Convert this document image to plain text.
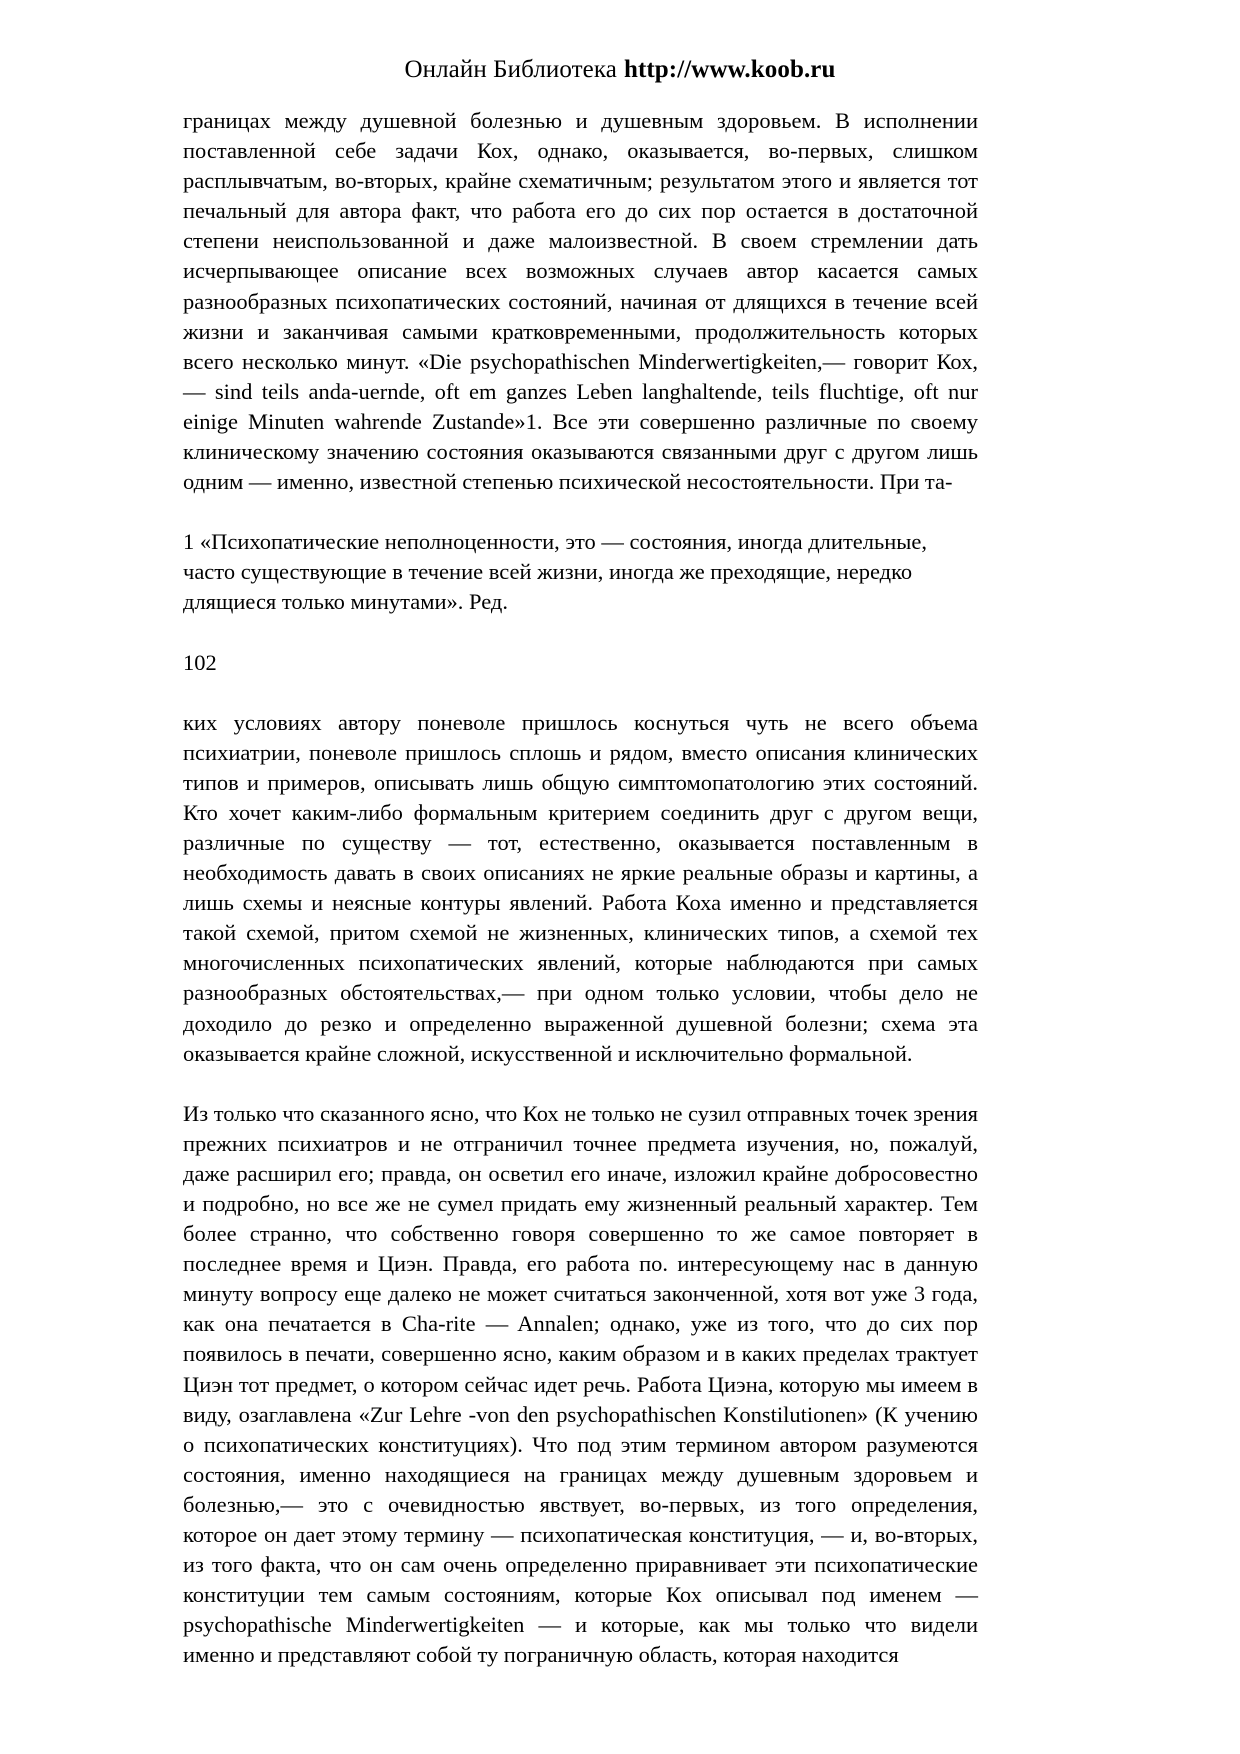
Онлайн Библиотека http://www.koob.ru

границах между душевной болезнью и душевным здоровьем. В исполнении поставленной себе задачи Кох, однако, оказывается, во-первых, слишком расплывчатым, во-вторых, крайне схематичным; результатом этого и является тот печальный для автора факт, что работа его до сих пор остается в достаточной степени неиспользованной и даже малоизвестной. В своем стремлении дать исчерпывающее описание всех возможных случаев автор касается самых разнообразных психопатических состояний, начиная от длящихся в течение всей жизни и заканчивая самыми кратковременными, продолжительность которых всего несколько минут. «Die psychopathischen Minderwertigkeiten,— говорит Кох,— sind teils anda-uernde, oft em ganzes Leben langhaltende, teils fluchtige, oft nur einige Minuten wahrende Zustande»1. Все эти совершенно различные по своему клиническому значению состояния оказываются связанными друг с другом лишь одним — именно, известной степенью психической несостоятельности. При та-

1 «Психопатические неполноценности, это — состояния, иногда длительные, часто существующие в течение всей жизни, иногда же преходящие, нередко длящиеся только минутами». Ред.

102

ких условиях автору поневоле пришлось коснуться чуть не всего объема психиатрии, поневоле пришлось сплошь и рядом, вместо описания клинических типов и примеров, описывать лишь общую симптомопатологию этих состояний. Кто хочет каким-либо формальным критерием соединить друг с другом вещи, различные по существу — тот, естественно, оказывается поставленным в необходимость давать в своих описаниях не яркие реальные образы и картины, а лишь схемы и неясные контуры явлений. Работа Коха именно и представляется такой схемой, притом схемой не жизненных, клинических типов, а схемой тех многочисленных психопатических явлений, которые наблюдаются при самых разнообразных обстоятельствах,— при одном только условии, чтобы дело не доходило до резко и определенно выраженной душевной болезни; схема эта оказывается крайне сложной, искусственной и исключительно формальной.

Из только что сказанного ясно, что Кох не только не сузил отправных точек зрения прежних психиатров и не отграничил точнее предмета изучения, но, пожалуй, даже расширил его; правда, он осветил его иначе, изложил крайне добросовестно и подробно, но все же не сумел придать ему жизненный реальный характер. Тем более странно, что собственно говоря совершенно то же самое повторяет в последнее время и Циэн. Правда, его работа по. интересующему нас в данную минуту вопросу еще далеко не может считаться законченной, хотя вот уже 3 года, как она печатается в Cha-rite — Annalen; однако, уже из того, что до сих пор появилось в печати, совершенно ясно, каким образом и в каких пределах трактует Циэн тот предмет, о котором сейчас идет речь. Работа Циэна, которую мы имеем в виду, озаглавлена «Zur Lehre -von den psychopathischen Konstilutionen» (К учению о психопатических конституциях). Что под этим термином автором разумеются состояния, именно находящиеся на границах между душевным здоровьем и болезнью,— это с очевидностью явствует, во-первых, из того определения, которое он дает этому термину — психопатическая конституция, — и, во-вторых, из того факта, что он сам очень определенно приравнивает эти психопатические конституции тем самым состояниям, которые Кох описывал под именем — psychopathische Minderwertigkeiten — и которые, как мы только что видели именно и представляют собой ту пограничную область, которая находится
